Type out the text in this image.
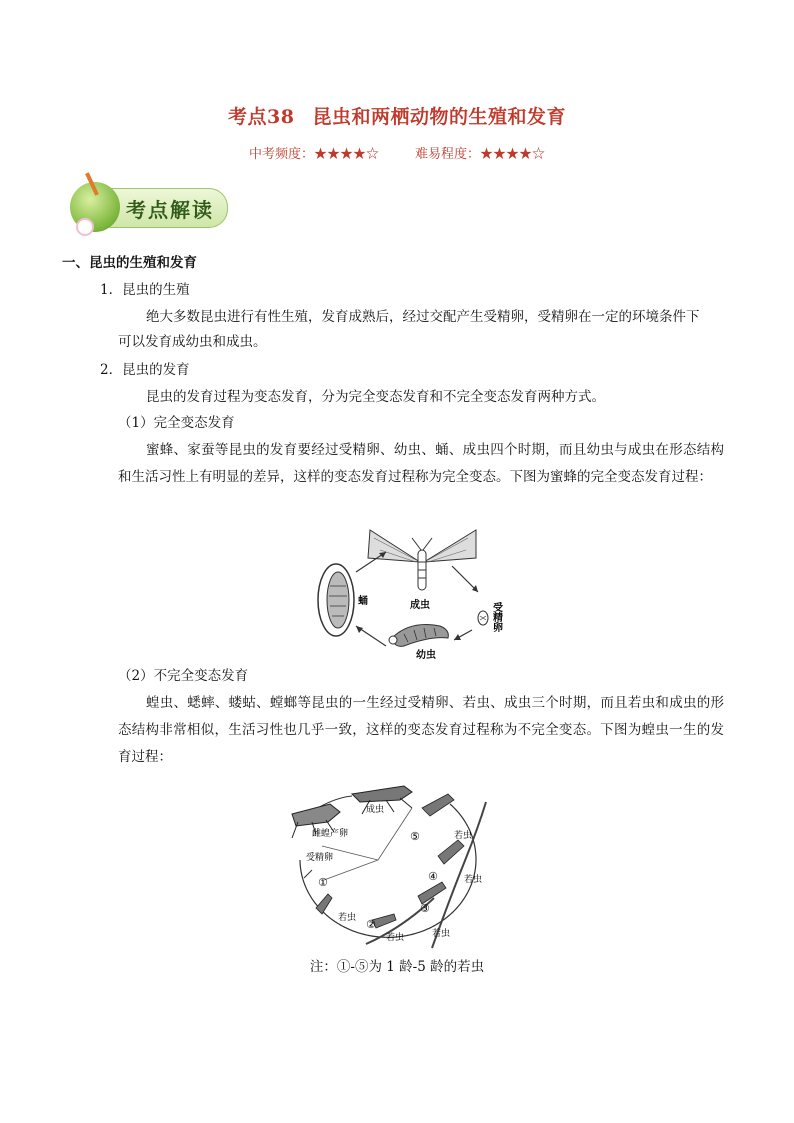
考点38 昆虫和两栖动物的生殖和发育
中考频度：★★★★☆	难易程度：★★★★☆
考点解读
一、昆虫的生殖和发育
1．昆虫的生殖
绝大多数昆虫进行有性生殖，发育成熟后，经过交配产生受精卵，受精卵在一定的环境条件下
可以发育成幼虫和成虫。
2．昆虫的发育
昆虫的发育过程为变态发育，分为完全变态发育和不完全变态发育两种方式。
（1）完全变态发育
蜜蜂、家蚕等昆虫的发育要经过受精卵、幼虫、蛹、成虫四个时期，而且幼虫与成虫在形态结构和生活习性上有明显的差异，这样的变态发育过程称为完全变态。下图为蜜蜂的完全变态发育过程：
成虫
蛹
受精卵
幼虫
（2）不完全变态发育
蝗虫、蟋蟀、蝼蛄、螳螂等昆虫的一生经过受精卵、若虫、成虫三个时期，而且若虫和成虫的形态结构非常相似，生活习性也几乎一致，这样的变态发育过程称为不完全变态。下图为蝗虫一生的发育过程：
成虫
雌蝗产卵
受精卵
⑤	若虫
④	若虫
③
若虫
②
若虫
①
若虫
注：①-⑤为 1 龄-5 龄的若虫
